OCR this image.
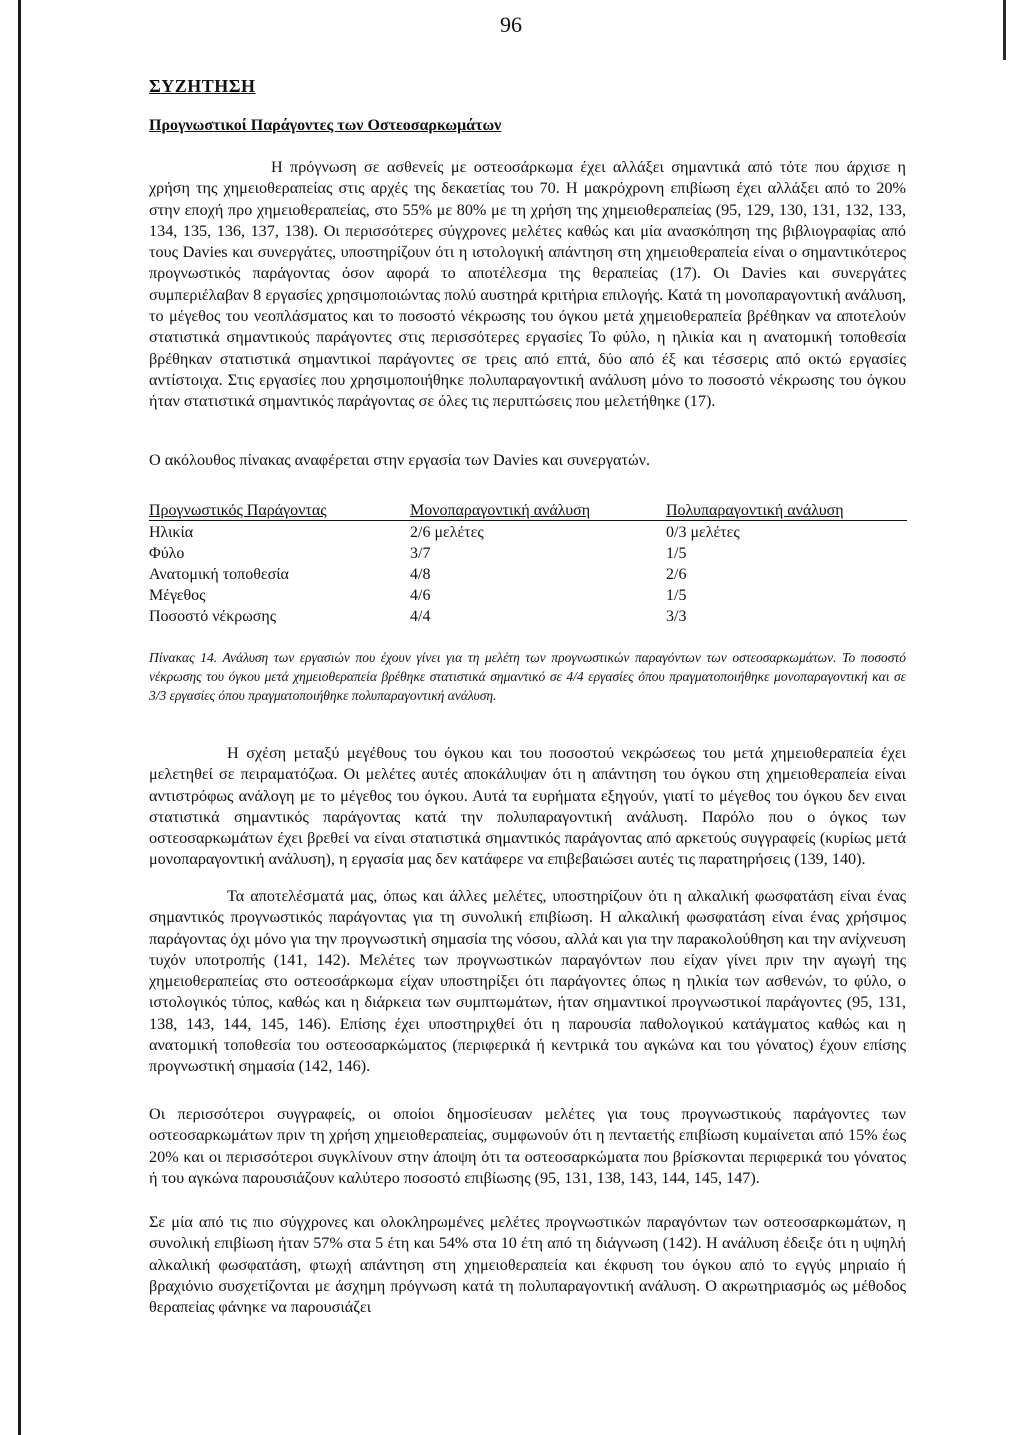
96
ΣΥΖΗΤΗΣΗ
Προγνωστικοί Παράγοντες των Οστεοσαρκωμάτων

Η πρόγνωση σε ασθενείς με οστεοσάρκωμα έχει αλλάξει σημαντικά από τότε που άρχισε η χρήση της χημειοθεραπείας στις αρχές της δεκαετίας του 70. Η μακρόχρονη επιβίωση έχει αλλάξει από το 20% στην εποχή προ χημειοθεραπείας, στο 55% με 80% με τη χρήση της χημειοθεραπείας (95, 129, 130, 131, 132, 133, 134, 135, 136, 137, 138). Οι περισσότερες σύγχρονες μελέτες καθώς και μία ανασκόπηση της βιβλιογραφίας από τους Davies και συνεργάτες, υποστηρίζουν ότι η ιστολογική απάντηση στη χημειοθεραπεία είναι ο σημαντικότερος προγνωστικός παράγοντας όσον αφορά το αποτέλεσμα της θεραπείας (17). Οι Davies και συνεργάτες συμπεριέλαβαν 8 εργασίες χρησιμοποιώντας πολύ αυστηρά κριτήρια επιλογής. Κατά τη μονοπαραγοντική ανάλυση, το μέγεθος του νεοπλάσματος και το ποσοστό νέκρωσης του όγκου μετά χημειοθεραπεία βρέθηκαν να αποτελούν στατιστικά σημαντικούς παράγοντες στις περισσότερες εργασίες Το φύλο, η ηλικία και η ανατομική τοποθεσία βρέθηκαν στατιστικά σημαντικοί παράγοντες σε τρεις από επτά, δύο από έξ και τέσσερις από οκτώ εργασίες αντίστοιχα. Στις εργασίες που χρησιμοποιήθηκε πολυπαραγοντική ανάλυση μόνο το ποσοστό νέκρωσης του όγκου ήταν στατιστικά σημαντικός παράγοντας σε όλες τις περιπτώσεις που μελετήθηκε (17).

Ο ακόλουθος πίνακας αναφέρεται στην εργασία των Davies και συνεργατών.

Προγνωστικός Παράγοντας	Μονοπαραγοντική ανάλυση	Πολυπαραγοντική ανάλυση
Ηλικία	2/6 μελέτες	0/3 μελέτες
Φύλο	3/7	1/5
Ανατομική τοποθεσία	4/8	2/6
Μέγεθος	4/6	1/5
Ποσοστό νέκρωσης	4/4	3/3

Πίνακας 14. Ανάλυση των εργασιών που έχουν γίνει για τη μελέτη των προγνωστικών παραγόντων των οστεοσαρκωμάτων. Το ποσοστό νέκρωσης του όγκου μετά χημειοθεραπεία βρέθηκε στατιστικά σημαντικό σε 4/4 εργασίες όπου πραγματοποιήθηκε μονοπαραγοντική και σε 3/3 εργασίες όπου πραγματοποιήθηκε πολυπαραγοντική ανάλυση.

Η σχέση μεταξύ μεγέθους του όγκου και του ποσοστού νεκρώσεως του μετά χημειοθεραπεία έχει μελετηθεί σε πειραματόζωα. Οι μελέτες αυτές αποκάλυψαν ότι η απάντηση του όγκου στη χημειοθεραπεία είναι αντιστρόφως ανάλογη με το μέγεθος του όγκου. Αυτά τα ευρήματα εξηγούν, γιατί το μέγεθος του όγκου δεν ειναι στατιστικά σημαντικός παράγοντας κατά την πολυπαραγοντική ανάλυση. Παρόλο που ο όγκος των οστεοσαρκωμάτων έχει βρεθεί να είναι στατιστικά σημαντικός παράγοντας από αρκετούς συγγραφείς (κυρίως μετά μονοπαραγοντική ανάλυση), η εργασία μας δεν κατάφερε να επιβεβαιώσει αυτές τις παρατηρήσεις (139, 140).

Τα αποτελέσματά μας, όπως και άλλες μελέτες, υποστηρίζουν ότι η αλκαλική φωσφατάση είναι ένας σημαντικός προγνωστικός παράγοντας για τη συνολική επιβίωση. Η αλκαλική φωσφατάση είναι ένας χρήσιμος παράγοντας όχι μόνο για την προγνωστική σημασία της νόσου, αλλά και για την παρακολούθηση και την ανίχνευση τυχόν υποτροπής (141, 142). Μελέτες των προγνωστικών παραγόντων που είχαν γίνει πριν την αγωγή της χημειοθεραπείας στο οστεοσάρκωμα είχαν υποστηρίξει ότι παράγοντες όπως η ηλικία των ασθενών, το φύλο, ο ιστολογικός τύπος, καθώς και η διάρκεια των συμπτωμάτων, ήταν σημαντικοί προγνωστικοί παράγοντες (95, 131, 138, 143, 144, 145, 146). Επίσης έχει υποστηριχθεί ότι η παρουσία παθολογικού κατάγματος καθώς και η ανατομική τοποθεσία του οστεοσαρκώματος (περιφερικά ή κεντρικά του αγκώνα και του γόνατος) έχουν επίσης προγνωστική σημασία (142, 146).

Οι περισσότεροι συγγραφείς, οι οποίοι δημοσίευσαν μελέτες για τους προγνωστικούς παράγοντες των οστεοσαρκωμάτων πριν τη χρήση χημειοθεραπείας, συμφωνούν ότι η πενταετής επιβίωση κυμαίνεται από 15% έως 20% και οι περισσότεροι συγκλίνουν στην άποψη ότι τα οστεοσαρκώματα που βρίσκονται περιφερικά του γόνατος ή του αγκώνα παρουσιάζουν καλύτερο ποσοστό επιβίωσης (95, 131, 138, 143, 144, 145, 147).

Σε μία από τις πιο σύγχρονες και ολοκληρωμένες μελέτες προγνωστικών παραγόντων των οστεοσαρκωμάτων, η συνολική επιβίωση ήταν 57% στα 5 έτη και 54% στα 10 έτη από τη διάγνωση (142). Η ανάλυση έδειξε ότι η υψηλή αλκαλική φωσφατάση, φτωχή απάντηση στη χημειοθεραπεία και έκφυση του όγκου από το εγγύς μηριαίο ή βραχιόνιο συσχετίζονται με άσχημη πρόγνωση κατά τη πολυπαραγοντική ανάλυση. Ο ακρωτηριασμός ως μέθοδος θεραπείας φάνηκε να παρουσιάζει
